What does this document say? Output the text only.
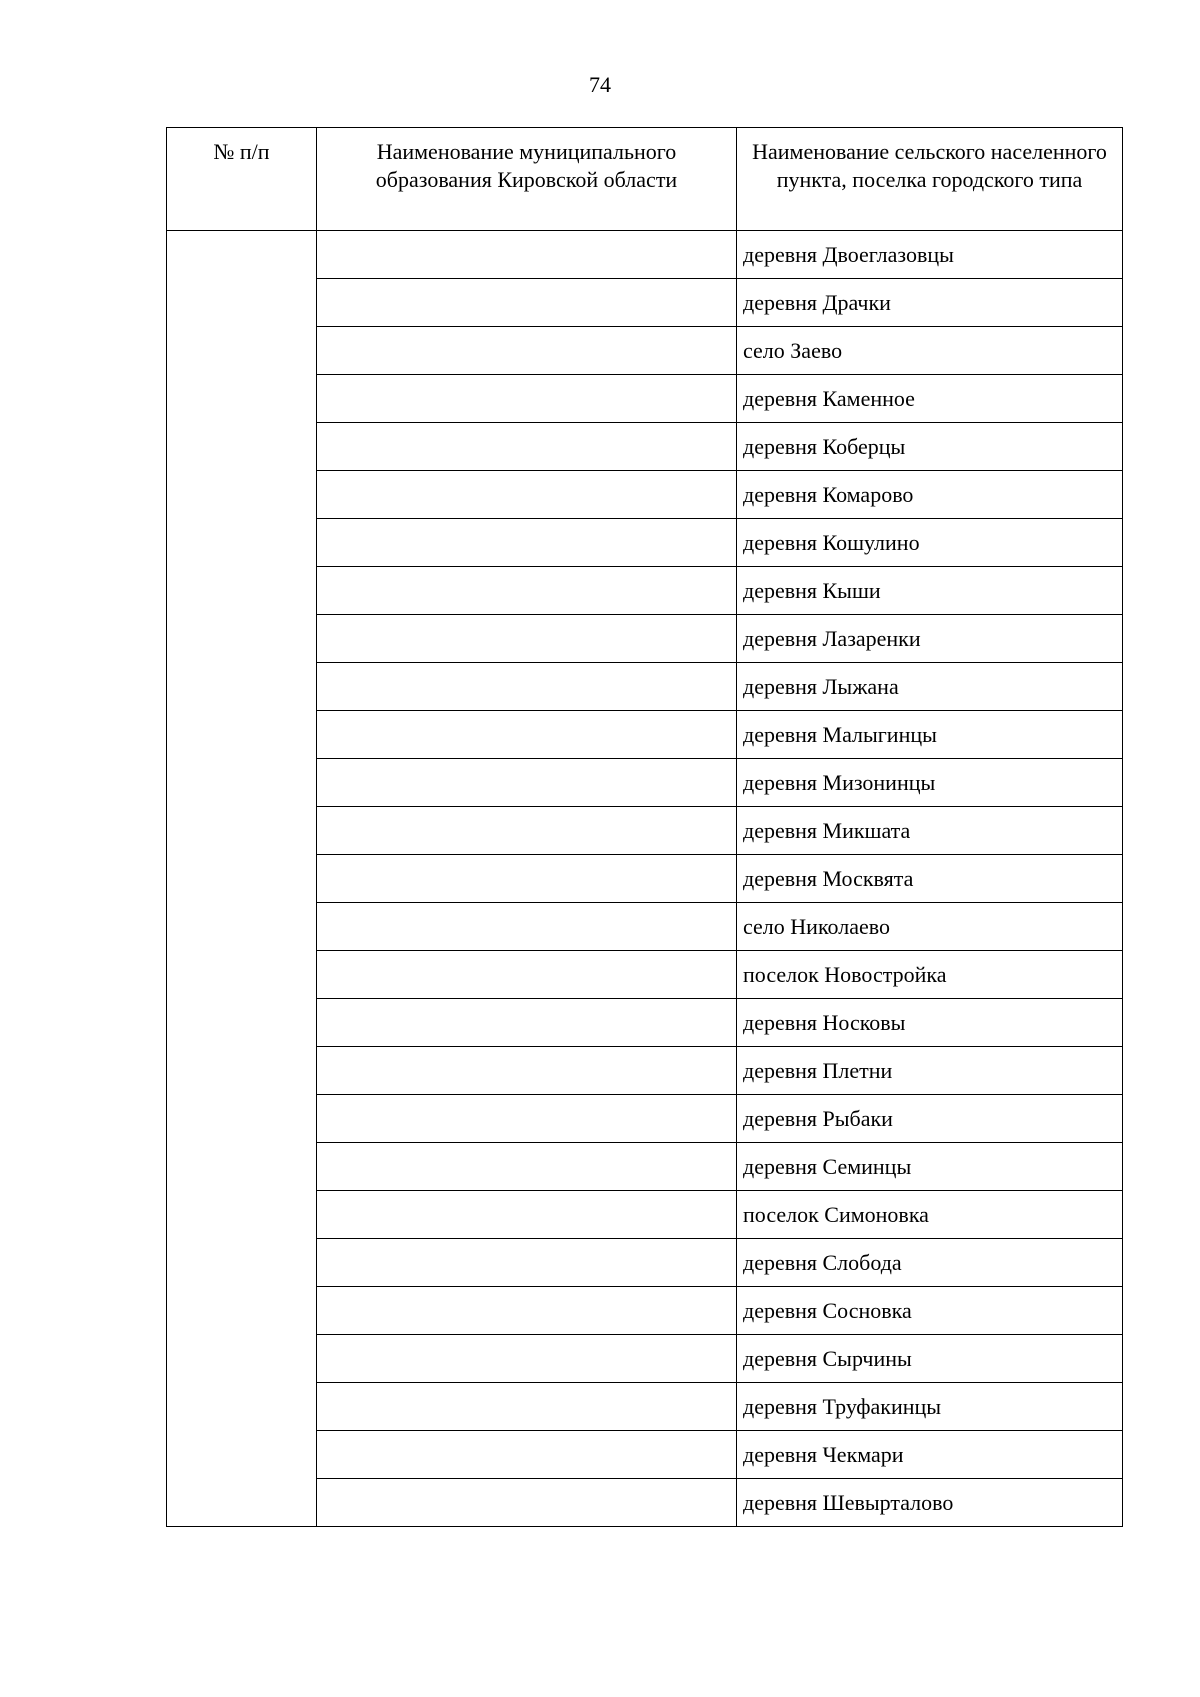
74
№ п/п	Наименование муниципального образования Кировской области	Наименование сельского населенного пункта, поселка городского типа
		деревня Двоеглазовцы
		деревня Драчки
		село Заево
		деревня Каменное
		деревня Коберцы
		деревня Комарово
		деревня Кошулино
		деревня Кыши
		деревня Лазаренки
		деревня Лыжана
		деревня Малыгинцы
		деревня Мизонинцы
		деревня Микшата
		деревня Москвята
		село Николаево
		поселок Новостройка
		деревня Носковы
		деревня Плетни
		деревня Рыбаки
		деревня Семинцы
		поселок Симоновка
		деревня Слобода
		деревня Сосновка
		деревня Сырчины
		деревня Труфакинцы
		деревня Чекмари
		деревня Шевырталово
